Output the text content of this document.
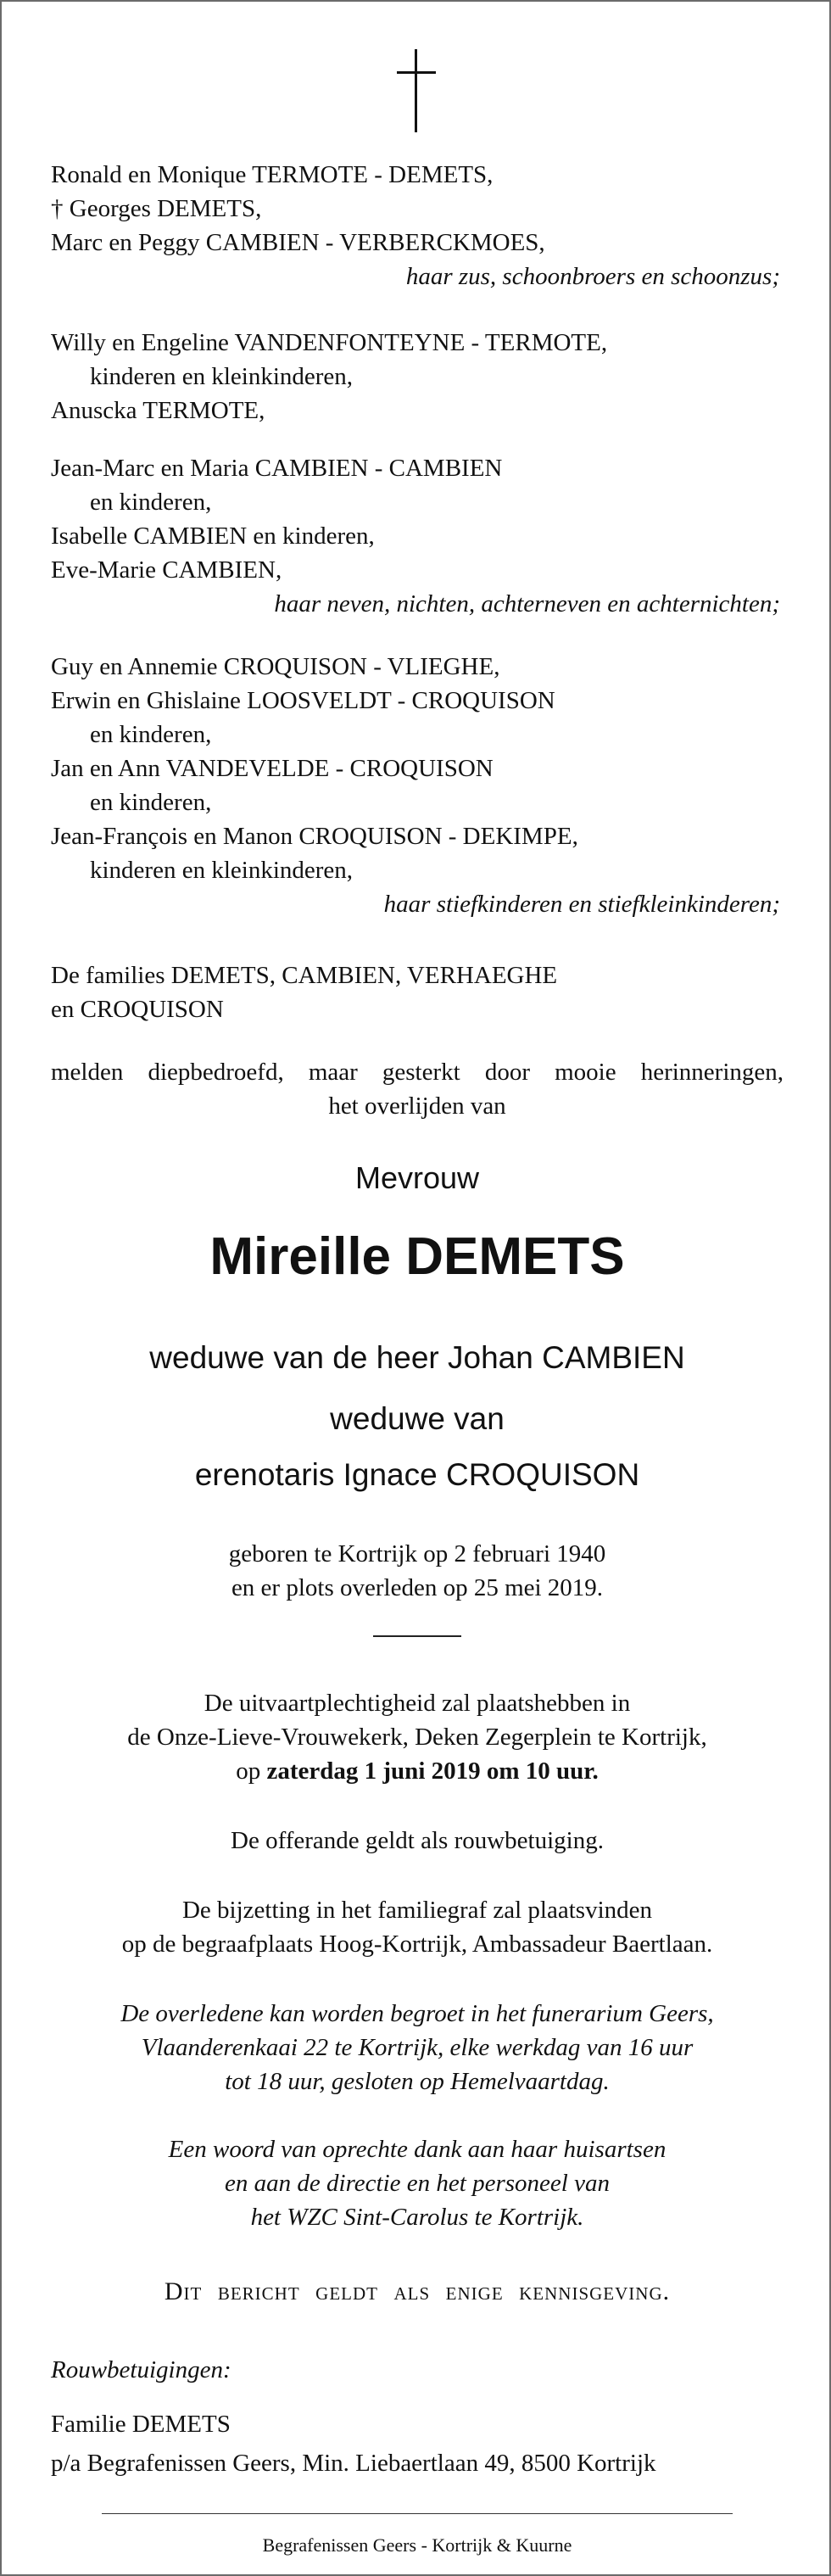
Ronald en Monique TERMOTE - DEMETS,
† Georges DEMETS,
Marc en Peggy CAMBIEN - VERBERCKMOES,
haar zus, schoonbroers en schoonzus;
Willy en Engeline VANDENFONTEYNE - TERMOTE,
kinderen en kleinkinderen,
Anuscka TERMOTE,
Jean-Marc en Maria CAMBIEN - CAMBIEN
en kinderen,
Isabelle CAMBIEN en kinderen,
Eve-Marie CAMBIEN,
haar neven, nichten, achterneven en achternichten;
Guy en Annemie CROQUISON - VLIEGHE,
Erwin en Ghislaine LOOSVELDT - CROQUISON
en kinderen,
Jan en Ann VANDEVELDE - CROQUISON
en kinderen,
Jean-François en Manon CROQUISON - DEKIMPE,
kinderen en kleinkinderen,
haar stiefkinderen en stiefkleinkinderen;
De families DEMETS, CAMBIEN, VERHAEGHE
en CROQUISON
melden diepbedroefd, maar gesterkt door mooie herinneringen,
het overlijden van
Mevrouw
Mireille DEMETS
weduwe van de heer Johan CAMBIEN
weduwe van
erenotaris Ignace CROQUISON
geboren te Kortrijk op 2 februari 1940
en er plots overleden op 25 mei 2019.
De uitvaartplechtigheid zal plaatshebben in
de Onze-Lieve-Vrouwekerk, Deken Zegerplein te Kortrijk,
op zaterdag 1 juni 2019 om 10 uur.
De offerande geldt als rouwbetuiging.
De bijzetting in het familiegraf zal plaatsvinden
op de begraafplaats Hoog-Kortrijk, Ambassadeur Baertlaan.
De overledene kan worden begroet in het funerarium Geers,
Vlaanderenkaai 22 te Kortrijk, elke werkdag van 16 uur
tot 18 uur, gesloten op Hemelvaartdag.
Een woord van oprechte dank aan haar huisartsen
en aan de directie en het personeel van
het WZC Sint-Carolus te Kortrijk.
Dit bericht geldt als enige kennisgeving.
Rouwbetuigingen:
Familie DEMETS
p/a Begrafenissen Geers, Min. Liebaertlaan 49, 8500 Kortrijk
Begrafenissen Geers - Kortrijk & Kuurne
